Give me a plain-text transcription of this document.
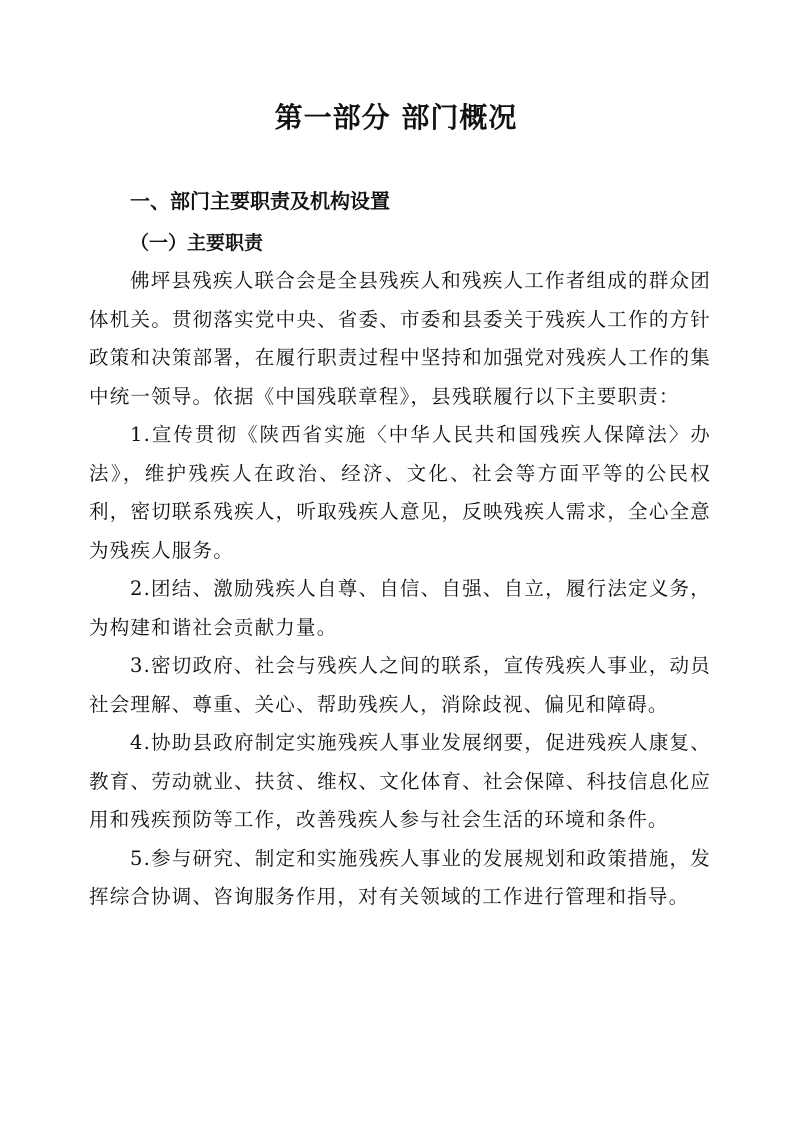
第一部分 部门概况
一、部门主要职责及机构设置
（一）主要职责

佛坪县残疾人联合会是全县残疾人和残疾人工作者组成的群众团体机关。贯彻落实党中央、省委、市委和县委关于残疾人工作的方针政策和决策部署，在履行职责过程中坚持和加强党对残疾人工作的集中统一领导。依据《中国残联章程》，县残联履行以下主要职责：

1.宣传贯彻《陕西省实施〈中华人民共和国残疾人保障法〉办法》，维护残疾人在政治、经济、文化、社会等方面平等的公民权利，密切联系残疾人，听取残疾人意见，反映残疾人需求，全心全意为残疾人服务。

2.团结、激励残疾人自尊、自信、自强、自立，履行法定义务，为构建和谐社会贡献力量。

3.密切政府、社会与残疾人之间的联系，宣传残疾人事业，动员社会理解、尊重、关心、帮助残疾人，消除歧视、偏见和障碍。

4.协助县政府制定实施残疾人事业发展纲要，促进残疾人康复、教育、劳动就业、扶贫、维权、文化体育、社会保障、科技信息化应用和残疾预防等工作，改善残疾人参与社会生活的环境和条件。

5.参与研究、制定和实施残疾人事业的发展规划和政策措施，发挥综合协调、咨询服务作用，对有关领域的工作进行管理和指导。
